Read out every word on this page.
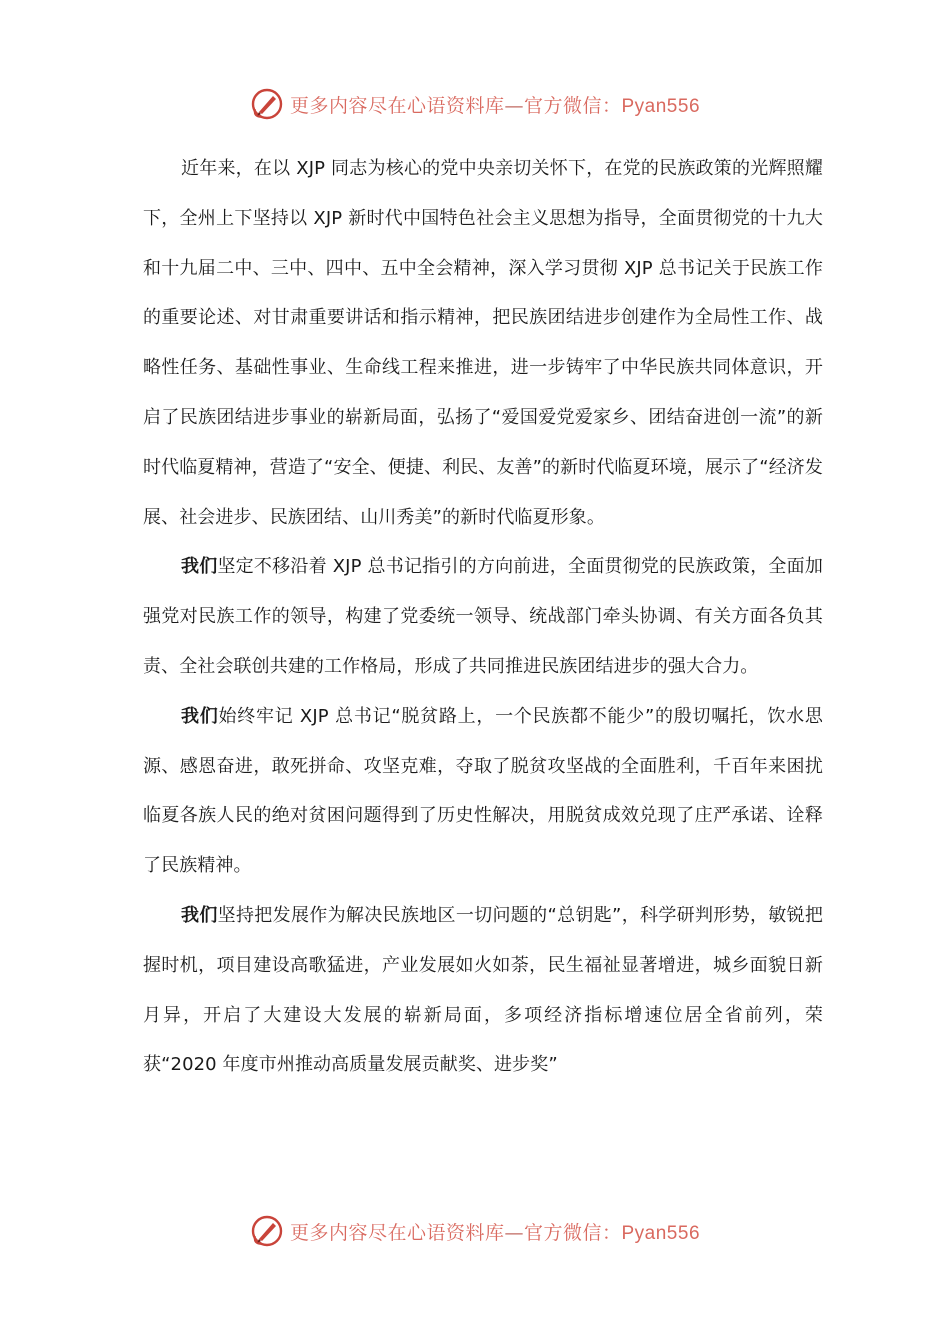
更多内容尽在心语资料库—官方微信：Pyan556

近年来，在以 XJP 同志为核心的党中央亲切关怀下，在党的民族政策的光辉照耀下，全州上下坚持以 XJP 新时代中国特色社会主义思想为指导，全面贯彻党的十九大和十九届二中、三中、四中、五中全会精神，深入学习贯彻 XJP 总书记关于民族工作的重要论述、对甘肃重要讲话和指示精神，把民族团结进步创建作为全局性工作、战略性任务、基础性事业、生命线工程来推进，进一步铸牢了中华民族共同体意识，开启了民族团结进步事业的崭新局面，弘扬了“爱国爱党爱家乡、团结奋进创一流”的新时代临夏精神，营造了“安全、便捷、利民、友善”的新时代临夏环境，展示了“经济发展、社会进步、民族团结、山川秀美”的新时代临夏形象。

我们坚定不移沿着 XJP 总书记指引的方向前进，全面贯彻党的民族政策，全面加强党对民族工作的领导，构建了党委统一领导、统战部门牵头协调、有关方面各负其责、全社会联创共建的工作格局，形成了共同推进民族团结进步的强大合力。

我们始终牢记 XJP 总书记“脱贫路上，一个民族都不能少”的殷切嘱托，饮水思源、感恩奋进，敢死拼命、攻坚克难，夺取了脱贫攻坚战的全面胜利，千百年来困扰临夏各族人民的绝对贫困问题得到了历史性解决，用脱贫成效兑现了庄严承诺、诠释了民族精神。

我们坚持把发展作为解决民族地区一切问题的“总钥匙”，科学研判形势，敏锐把握时机，项目建设高歌猛进，产业发展如火如荼，民生福祉显著增进，城乡面貌日新月异，开启了大建设大发展的崭新局面，多项经济指标增速位居全省前列，荣获“2020 年度市州推动高质量发展贡献奖、进步奖”

更多内容尽在心语资料库—官方微信：Pyan556
